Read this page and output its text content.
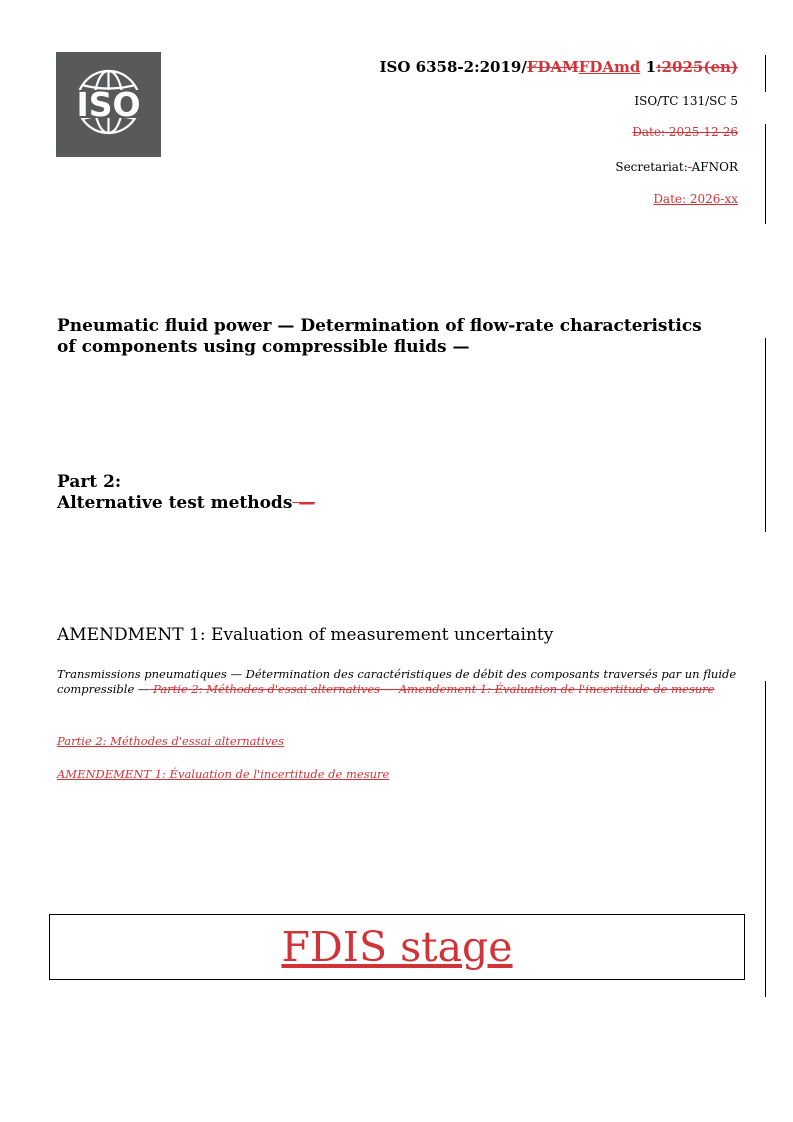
ISO
ISO 6358-2:2019/FDAMFDAmd 1:2025(en)
ISO/TC 131/SC 5
Date: 2025-12-26
Secretariat: AFNOR
Date: 2026-xx
Pneumatic fluid power — Determination of flow-rate characteristics
of components using compressible fluids —
Part 2:
Alternative test methods —
AMENDMENT 1: Evaluation of measurement uncertainty
Transmissions pneumatiques — Détermination des caractéristiques de débit des composants traversés par un fluide compressible — Partie 2: Méthodes d'essai alternatives — Amendement 1: Évaluation de l'incertitude de mesure
Partie 2: Méthodes d'essai alternatives
AMENDEMENT 1: Évaluation de l'incertitude de mesure
FDIS stage
